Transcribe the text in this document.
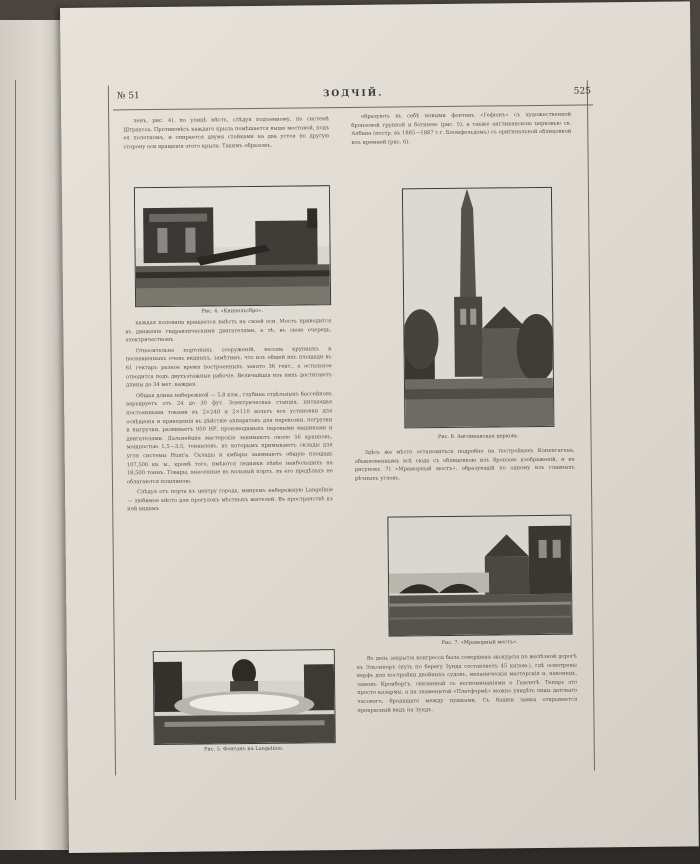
№ 51	ЗОДЧІЙ.	525

ленъ, рис. 4), по улицѣ мѣсть, слѣдуя подъемному, по системѣ Штраусса. Противовѣсъ каждаго крыла помѣщается выше мостовой, подъ ея полотномъ, и опирается двумя стойками на два устоя по другую сторону оси вращенія этого крыла. Такимъ образомъ,

Рис. 4. «Книпельсбро».

каждая половина вращается вмѣсть на своей оси. Мостъ приводится въ движеніе гидравлическими двигателями, а тѣ, въ свою очередь, электричествомъ.

Относительно портовыхъ сооруженій, весьма крупныхъ и посвященныхъ очень видныхъ, замѣтимъ, что изъ общей ихъ площади въ 61 гектаръ разное время построенныхъ занято 36 гект., а остальное отводится подъ двухъэтажные рабочіе. Величайшія изъ нихъ достигаютъ длины до 34 мет. каждая.

Общая длина набережной — 5,8 клм., глубина отдѣльныхъ бассейновъ варьируетъ отъ 24 до 30 фут. Электрическая станція, питающая постоянными токами въ 2×240 и 2×110 вольтъ все установки для освѣщенія и приведенія въ дѣйствіе аппаратовъ для перевозки, погрузки и выгрузки, развиваетъ 950 НР, производимыхъ паровыми машинами и двигателями. Дальнейшія мастерскія занимаютъ около 56 кранновъ, мощностью 1,5—3,5, тонналовъ, къ которымъ примыкаютъ склады для угля системы Hunt'а. Склады и амбары занимаютъ общую площадь 107,500 кв. м., кромѣ того, имѣются ледники лѣвѣе наибольшихъ на 18,500 тоннъ. Товары, внесенные въ вольный портъ, въ его предѣлахъ не облагаются пошлиною.

Слѣдуя отъ порта къ центру города, минуемъ набережную Langelinie — любимое мѣсто для прогулокъ мѣстныхъ жителей. Въ пространствѣ къ ней видимъ

Рис. 5. Фонтанъ на Langelinie.

образують въ себѣ новыми фонтанъ «Гефіонъ» съ художественной бронзовой группой и богинею (рис. 5), а также англиканскою церковью св. Албана (постр. въ 1885—1887 г.г. Бломфельдомъ) съ оригинальной облицовкой изъ кремней (рис. 6).

Рис. 6. Англиканская церковь.

Здѣсь же мѣсто остановиться подробно на постройкахъ Копенгагена, обыкновеннымъ всѣ сюда съ облицовкою изъ бронзою изображеній, и на рисунокъ 7) «Мраморный мостъ», образующій по одному изъ главныхъ рѣчныхъ угловъ.

Рис. 7. «Мраморный мостъ».

Въ день закрытія конгресса была совершена экскурсія по желѣзной дорогѣ въ Эльсиноръ (путь по берегу Зунда составляетъ 45 килом.), гдѣ осмотрены верфь для постройки двойныхъ судовъ, механическія мастерскія и, наконецъ, замокъ Кронборгъ, связанный съ воспоминаніями о Гамлетѣ. Теперь это просто казармы, а на знаменитой «Платформѣ» можно увидѣть лишь датскаго часового, бродящаго между пушками. Съ башни замка открывается прекрасный видъ на Зундъ.
